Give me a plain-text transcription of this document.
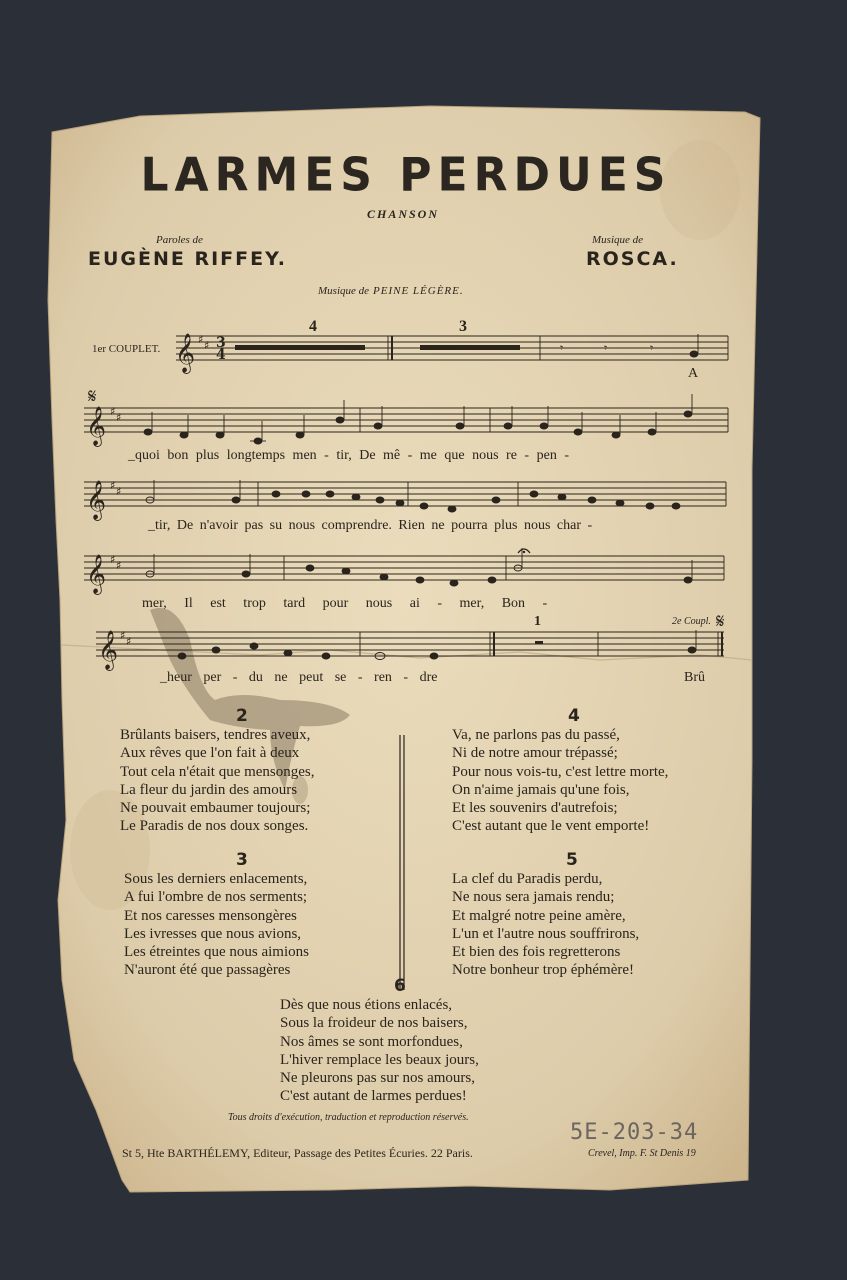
𝄞
𝄞
𝄞
𝄞
𝄞
♯ ♯
♯ ♯
♯ ♯
♯ ♯
♯ ♯
3
4
𝄋
𝄋
𝄾	𝄾	𝄾
LARMES PERDUES
CHANSON
Paroles de
EUGÈNE RIFFEY.
Musique de
ROSCA.
Musique de PEINE LÉGÈRE.
1er COUPLET.
4	3
1	2e Coupl.
A
_quoi bon plus longtemps men - tir, De mê - me que nous re - pen -
_tir, De n'avoir pas su nous comprendre. Rien ne pourra plus nous char -
mer, Il est trop tard pour nous ai - mer, Bon -
_heur per - du ne peut se - ren - dre	Brû
2
Brûlants baisers, tendres aveux,
Aux rêves que l'on fait à deux
Tout cela n'était que mensonges,
La fleur du jardin des amours
Ne pouvait embaumer toujours;
Le Paradis de nos doux songes.
4
Va, ne parlons pas du passé,
Ni de notre amour trépassé;
Pour nous vois-tu, c'est lettre morte,
On n'aime jamais qu'une fois,
Et les souvenirs d'autrefois;
C'est autant que le vent emporte!
3
Sous les derniers enlacements,
A fui l'ombre de nos serments;
Et nos caresses mensongères
Les ivresses que nous avions,
Les étreintes que nous aimions
N'auront été que passagères
5
La clef du Paradis perdu,
Ne nous sera jamais rendu;
Et malgré notre peine amère,
L'un et l'autre nous souffrirons,
Et bien des fois regretterons
Notre bonheur trop éphémère!
6
Dès que nous étions enlacés,
Sous la froideur de nos baisers,
Nos âmes se sont morfondues,
L'hiver remplace les beaux jours,
Ne pleurons pas sur nos amours,
C'est autant de larmes perdues!
Tous droits d'exécution, traduction et reproduction réservés.
St 5, Hte BARTHÉLEMY, Editeur, Passage des Petites Écuries. 22 Paris.	Crevel, Imp. F. St Denis 19
5E-203-34
